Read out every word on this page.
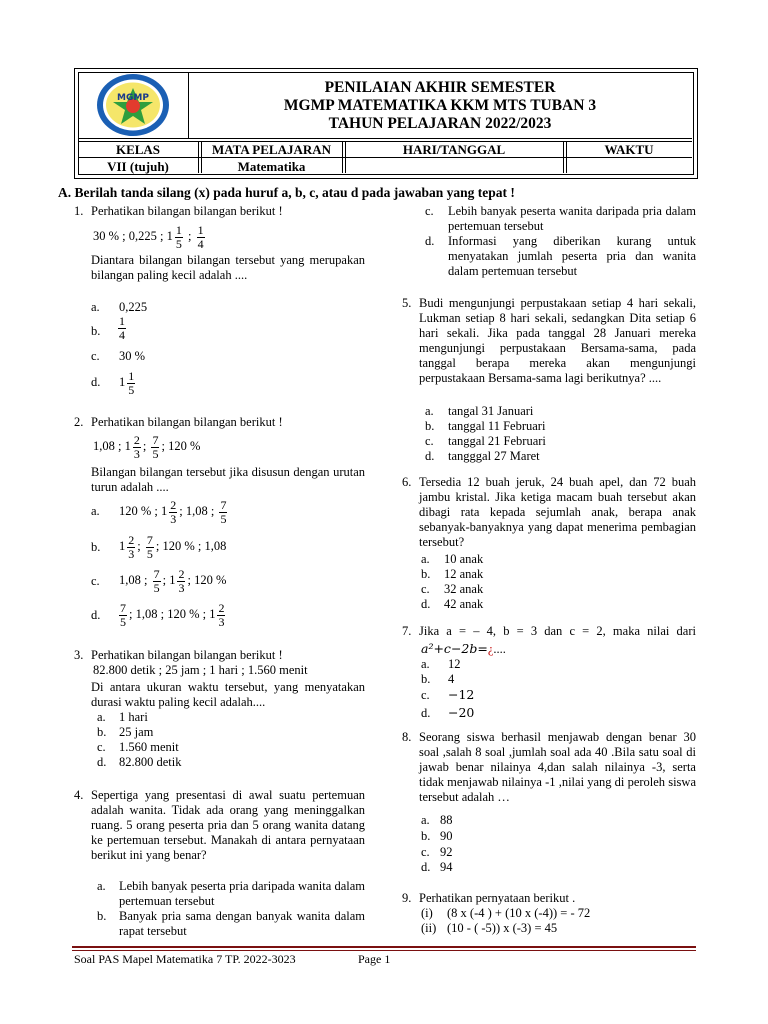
MGMP
PENILAIAN AKHIR SEMESTER
MGMP MATEMATIKA KKM MTS TUBAN 3
TAHUN PELAJARAN 2022/2023
KELAS	MATA PELAJARAN	HARI/TANGGAL	WAKTU
VII (tujuh)	Matematika
A. Berilah tanda silang (x) pada huruf a, b, c, atau d pada jawaban yang tepat !
1. Perhatikan bilangan bilangan berikut !
30 % ; 0,225 ; $1 \frac{1}{5}$ ; $\frac{1}{4}$
Diantara bilangan bilangan tersebut yang merupakan bilangan paling kecil adalah ....
a. 0,225
b. $\frac{1}{4}$
c. 30 %
d. $1 \frac{1}{5}$
2. Perhatikan bilangan bilangan berikut !
1,08 ; $1 \frac{2}{3}$ ; $\frac{7}{5}$ ; 120 %
Bilangan bilangan tersebut jika disusun dengan urutan turun adalah ....
a. 120 % ; $1 \frac{2}{3}$ ; 1,08 ; $\frac{7}{5}$
b. $1 \frac{2}{3}$ ; $\frac{7}{5}$ ; 120 % ; 1,08
c. 1,08 ; $\frac{7}{5}$ ; $1 \frac{2}{3}$ ; 120 %
d. $\frac{7}{5}$ ; 1,08 ; 120 % ; $1 \frac{2}{3}$
3. Perhatikan bilangan bilangan berikut !
82.800 detik ; 25 jam ; 1 hari ; 1.560 menit
Di antara ukuran waktu tersebut, yang menyatakan durasi waktu paling kecil adalah....
a. 1 hari
b. 25 jam
c. 1.560 menit
d. 82.800 detik
4. Sepertiga yang presentasi di awal suatu pertemuan adalah wanita. Tidak ada orang yang meninggalkan ruang. 5 orang peserta pria dan 5 orang wanita datang ke pertemuan tersebut. Manakah di antara pernyataan berikut ini yang benar?
a. Lebih banyak peserta pria daripada wanita dalam pertemuan tersebut
b. Banyak pria sama dengan banyak wanita dalam rapat tersebut
c. Lebih banyak peserta wanita daripada pria dalam pertemuan tersebut
d. Informasi yang diberikan kurang untuk menyatakan jumlah peserta pria dan wanita dalam pertemuan tersebut
5. Budi mengunjungi perpustakaan setiap 4 hari sekali, Lukman setiap 8 hari sekali, sedangkan Dita setiap 6 hari sekali. Jika pada tanggal 28 Januari mereka mengunjungi perpustakaan Bersama-sama, pada tanggal berapa mereka akan mengunjungi perpustakaan Bersama-sama lagi berikutnya? ....
a. tangal 31 Januari
b. tanggal 11 Februari
c. tanggal 21 Februari
d. tangggal 27 Maret
6. Tersedia 12 buah jeruk, 24 buah apel, dan 72 buah jambu kristal. Jika ketiga macam buah tersebut akan dibagi rata kepada sejumlah anak, berapa anak sebanyak-banyaknya yang dapat menerima pembagian tersebut?
a. 10 anak
b. 12 anak
c. 32 anak
d. 42 anak
7. Jika a = – 4, b = 3 dan c = 2, maka nilai dari
a²+c−2b=¿....
a. 12
b. 4
c. −12
d. −20
8. Seorang siswa berhasil menjawab dengan benar 30 soal ,salah 8 soal ,jumlah soal ada 40 .Bila satu soal di jawab benar nilainya 4,dan salah nilainya -3, serta tidak menjawab nilainya -1 ,nilai yang di peroleh siswa tersebut adalah …
a. 88
b. 90
c. 92
d. 94
9. Perhatikan pernyataan berikut .
(i) (8 x (-4 ) + (10 x (-4)) = - 72
(ii) (10 - ( -5)) x (-3) = 45
Soal PAS Mapel Matematika 7 TP. 2022-3023	Page 1
